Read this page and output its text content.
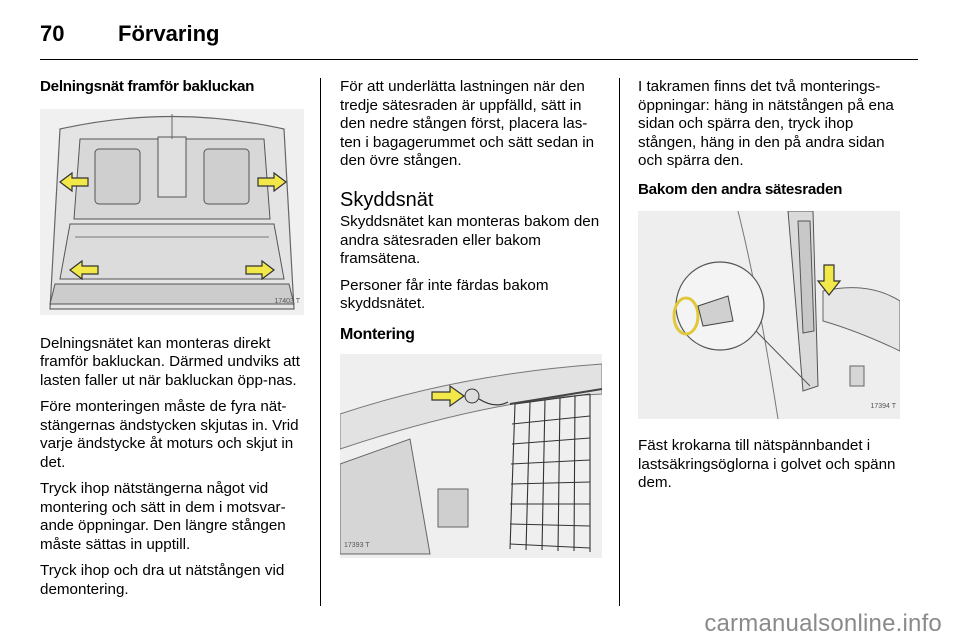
70	Förvaring
Delningsnät framför bakluckan
17403 T

Delningsnätet kan monteras direkt framför bakluckan. Därmed undviks att lasten faller ut när bakluckan öpp-nas.

Före monteringen måste de fyra nät-stängernas ändstycken skjutas in. Vrid varje ändstycke åt moturs och skjut in det.

Tryck ihop nätstängerna något vid montering och sätt in dem i motsvar-ande öppningar. Den längre stången måste sättas in upptill.

Tryck ihop och dra ut nätstången vid demontering.

För att underlätta lastningen när den tredje sätesraden är uppfälld, sätt in den nedre stången först, placera las-ten i bagagerummet och sätt sedan in den övre stången.

Skyddsnät

Skyddsnätet kan monteras bakom den andra sätesraden eller bakom framsätena.

Personer får inte färdas bakom skyddsnätet.

Montering
17393 T

I takramen finns det två monterings-öppningar: häng in nätstången på ena sidan och spärra den, tryck ihop stången, häng in den på andra sidan och spärra den.

Bakom den andra sätesraden
17394 T

Fäst krokarna till nätspännbandet i lastsäkringsöglorna i golvet och spänn dem.

carmanualsonline.info
